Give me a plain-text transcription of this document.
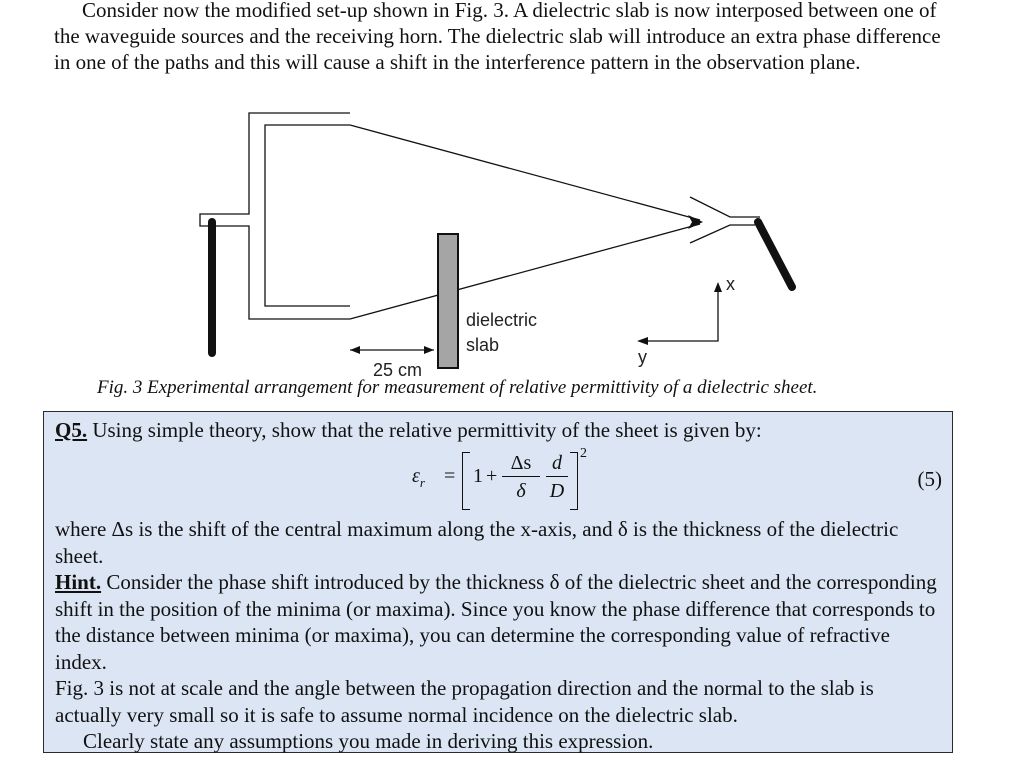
Consider now the modified set-up shown in Fig. 3. A dielectric slab is now interposed between one of the waveguide sources and the receiving horn. The dielectric slab will introduce an extra phase difference in one of the paths and this will cause a shift in the interference pattern in the observation plane.

dielectric
slab
25 cm
x
y
Fig. 3 Experimental arrangement for measurement of relative permittivity of a dielectric sheet.

Q5. Using simple theory, show that the relative permittivity of the sheet is given by:

$\varepsilon_r = 1 + \frac{\Delta s}{\delta} \frac{d}{D} 2$
(5)

where Δs is the shift of the central maximum along the x-axis, and δ is the thickness of the dielectric sheet.

Hint. Consider the phase shift introduced by the thickness δ of the dielectric sheet and the corresponding shift in the position of the minima (or maxima). Since you know the phase difference that corresponds to the distance between minima (or maxima), you can determine the corresponding value of refractive index.

Fig. 3 is not at scale and the angle between the propagation direction and the normal to the slab is actually very small so it is safe to assume normal incidence on the dielectric slab.

Clearly state any assumptions you made in deriving this expression.
